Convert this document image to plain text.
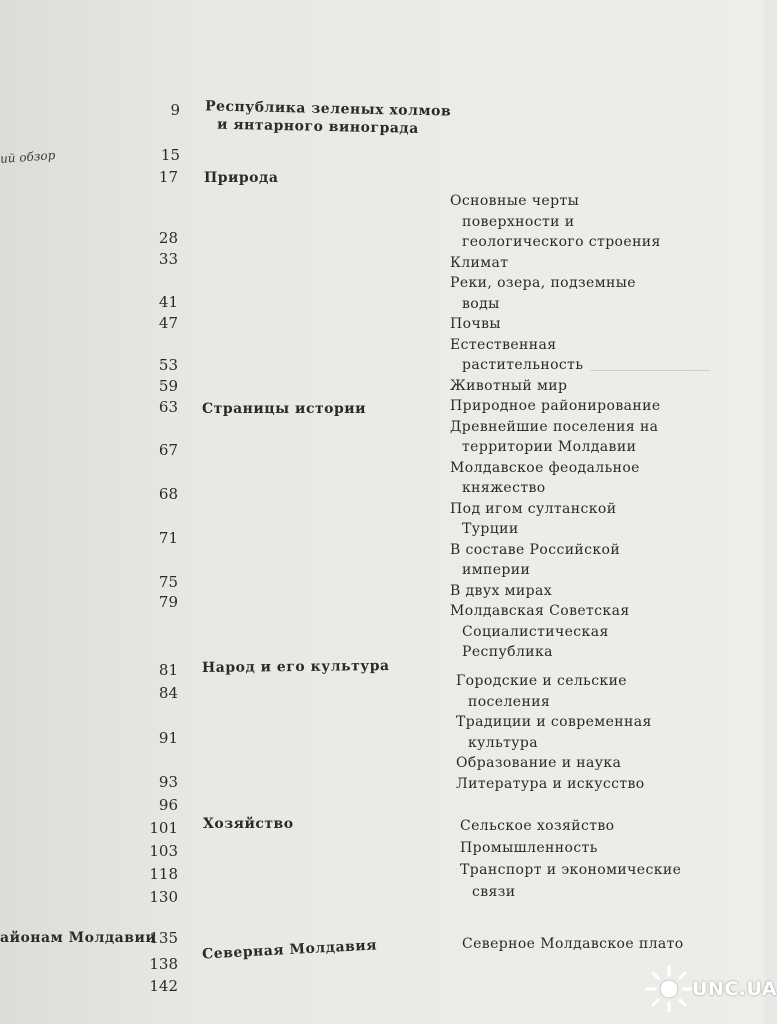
ий обзор
айонам Молдавии
9
15
17
28
33
41
47
53
59
63
67
68
71
75
79
81
84
91
93
96
101
103
118
130
135
138
142
Республика зеленых холмов
и янтарного винограда
Природа
Страницы истории
Народ и его культура
Хозяйство
Северная Молдавия
Основные черты
поверхности и
геологического строения
Климат
Реки, озера, подземные
воды
Почвы
Естественная
растительность
Животный мир
Природное районирование
Древнейшие поселения на
территории Молдавии
Молдавское феодальное
княжество
Под игом султанской
Турции
В составе Российской
империи
В двух мирах
Молдавская Советская
Социалистическая
Республика
Городские и сельские
поселения
Традиции и современная
культура
Образование и наука
Литература и искусство
Сельское хозяйство
Промышленность
Транспорт и экономические
связи
Северное Молдавское плато
UNC.UA
